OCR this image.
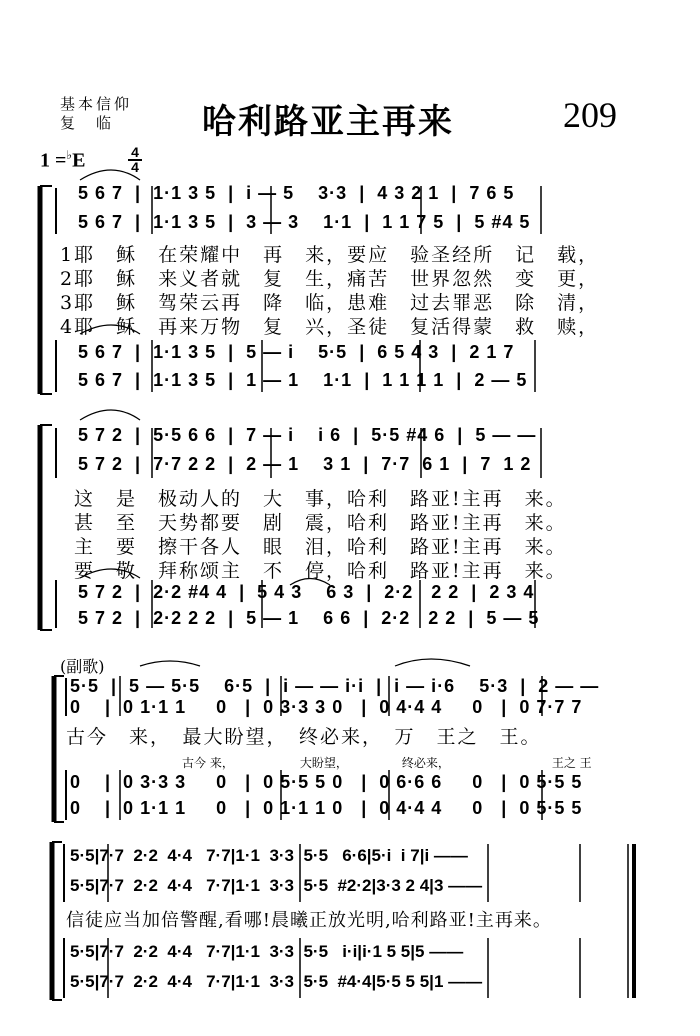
基本信仰
复　临	哈利路亚主再来	209
1 =♭E	4
4
5 6 7  |  1·1 3 5  |  i — 5    3·3  |  4 3 2 1  |  7 6 5
5 6 7  |  1·1 3 5  |  3 — 3    1·1  |  1 1 7 5  |  5 #4 5
1耶　稣　在荣耀中　再　来，要应　验圣经所　记　载，
2耶　稣　来义者就　复　生，痛苦　世界忽然　变　更，
3耶　稣　驾荣云再　降　临，患难　过去罪恶　除　清，
4耶　稣　再来万物　复　兴，圣徒　复活得蒙　救　赎，
5 6 7  |  1·1 3 5  |  5 — i    5·5  |  6 5 4 3  |  2 1 7
5 6 7  |  1·1 3 5  |  1 — 1    1·1  |  1 1 1 1  |  2 — 5
5 7 2  |  5·5 6 6  |  7 — i    i 6  |  5·5 #4 6  |  5 — —
5 7 2  |  7·7 2 2  |  2 — 1    3 1  |  7·7  6 1  |  7  1 2
这　是　极动人的　大　事，哈利　路亚!主再　来。
甚　至　天势都要　剧　震，哈利　路亚!主再　来。
主　要　擦干各人　眼　泪，哈利　路亚!主再　来。
要　敬　拜称颂主　不　停，哈利　路亚!主再　来。
5 7 2  |  2·2 #4 4  |  5 4 3    6 3  |  2·2   2 2  |  2 3 4
5 7 2  |  2·2 2 2  |  5 — 1    6 6  |  2·2   2 2  |  5 — 5
(副歌)
5·5  |  5 — 5·5    6·5  |  i — — i·i  |  i — i·6    5·3  |  2 — —
0    |  0 1·1 1     0   |  0 3·3 3 0   |  0 4·4 4     0   |  0 7·7 7
古今　来，　最大盼望，　终必来，　万　王之　王。
古今 来，　　　　　　大盼望，　　　　　终必来，　　　　　　　　　王之 王
0    |  0 3·3 3     0   |  0 5·5 5 0   |  0 6·6 6     0   |  0 5·5 5
0    |  0 1·1 1     0   |  0 1·1 1 0   |  0 4·4 4     0   |  0 5·5 5
5·5|7·7  2·2  4·4   7·7|1·1  3·3  5·5   6·6|5·i  i 7|i ——
5·5|7·7  2·2  4·4   7·7|1·1  3·3  5·5  #2·2|3·3 2 4|3 ——
信徒应当加倍警醒,看哪!晨曦正放光明,哈利路亚!主再来。
5·5|7·7  2·2  4·4   7·7|1·1  3·3  5·5   i·i|i·1 5 5|5 ——
5·5|7·7  2·2  4·4   7·7|1·1  3·3  5·5  #4·4|5·5 5 5|1 ——
